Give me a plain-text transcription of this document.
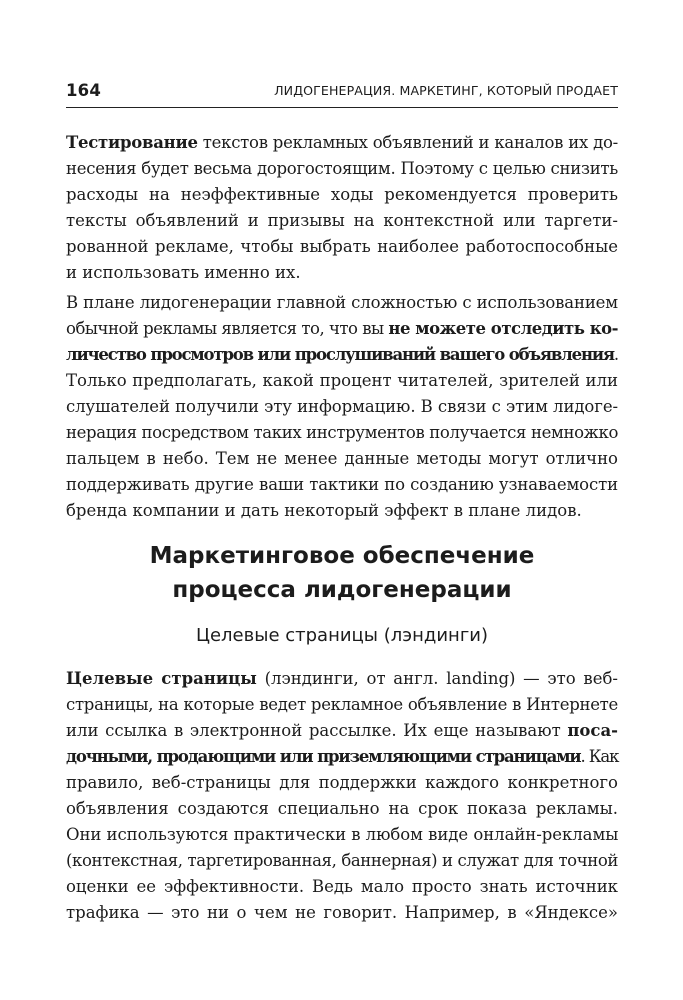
164	ЛИДОГЕНЕРАЦИЯ. МАРКЕТИНГ, КОТОРЫЙ ПРОДАЕТ
Тестирование текстов рекламных объявлений и каналов их до-
несения будет весьма дорогостоящим. Поэтому с целью снизить
расходы на неэффективные ходы рекомендуется проверить
тексты объявлений и призывы на контекстной или таргети-
рованной рекламе, чтобы выбрать наиболее работоспособные
и использовать именно их.
В плане лидогенерации главной сложностью с использованием
обычной рекламы является то, что вы не можете отследить ко-
личество просмотров или прослушиваний вашего объявления.
Только предполагать, какой процент читателей, зрителей или
слушателей получили эту информацию. В связи с этим лидоге-
нерация посредством таких инструментов получается немножко
пальцем в небо. Тем не менее данные методы могут отлично
поддерживать другие ваши тактики по созданию узнаваемости
бренда компании и дать некоторый эффект в плане лидов.
Маркетинговое обеспечение
процесса лидогенерации
Целевые страницы (лэндинги)
Целевые страницы (лэндинги, от англ. landing) — это веб-
страницы, на которые ведет рекламное объявление в Интернете
или ссылка в электронной рассылке. Их еще называют поса-
дочными, продающими или приземляющими страницами. Как
правило, веб-страницы для поддержки каждого конкретного
объявления создаются специально на срок показа рекламы.
Они используются практически в любом виде онлайн-рекламы
(контекстная, таргетированная, баннерная) и служат для точной
оценки ее эффективности. Ведь мало просто знать источник
трафика — это ни о чем не говорит. Например, в «Яндексе»
